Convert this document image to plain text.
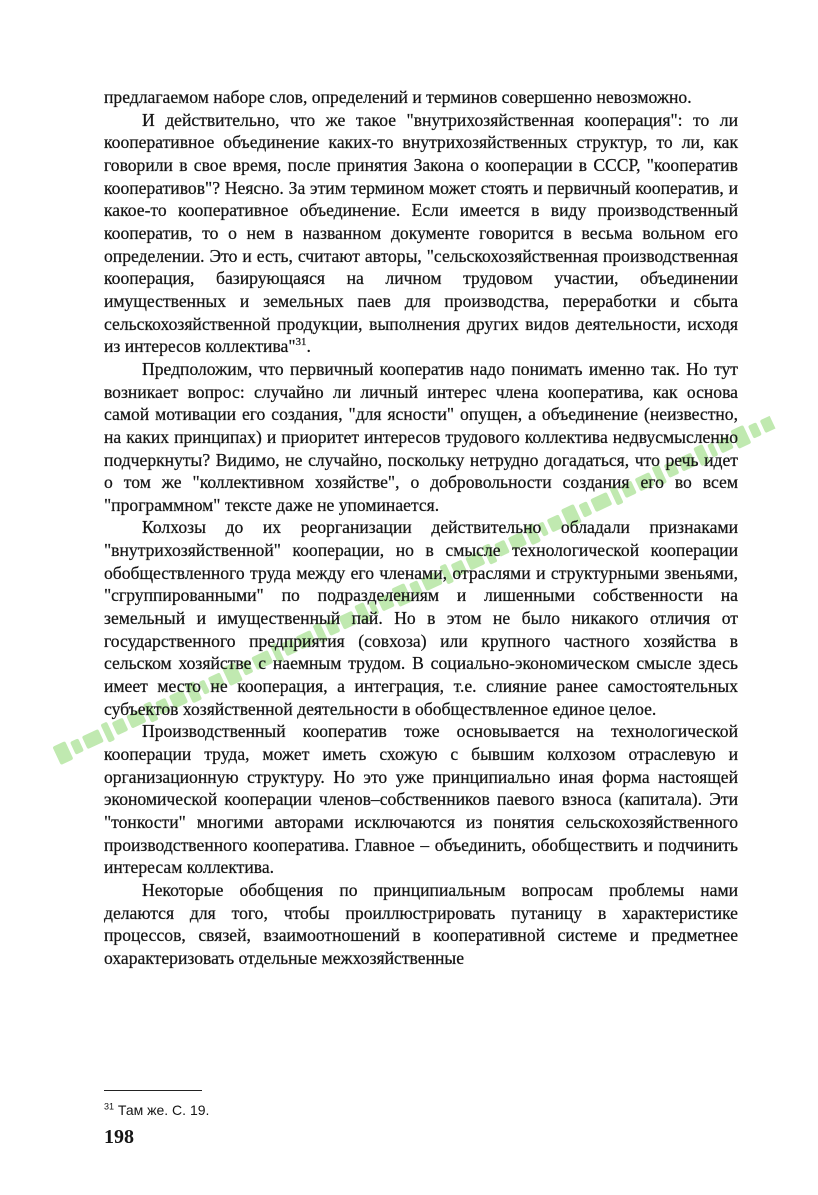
предлагаемом наборе слов, определений и терминов совершенно невозможно.

И действительно, что же такое "внутрихозяйственная кооперация": то ли кооперативное объединение каких-то внутрихозяйственных структур, то ли, как говорили в свое время, после принятия Закона о кооперации в СССР, "кооператив кооперативов"? Неясно. За этим термином может стоять и первичный кооператив, и какое-то кооперативное объединение. Если имеется в виду производственный кооператив, то о нем в названном документе говорится в весьма вольном его определении. Это и есть, считают авторы, "сельскохозяйственная производственная кооперация, базирующаяся на личном трудовом участии, объединении имущественных и земельных паев для производства, переработки и сбыта сельскохозяйственной продукции, выполнения других видов деятельности, исходя из интересов коллектива"$^{31}$.

Предположим, что первичный кооператив надо понимать именно так. Но тут возникает вопрос: случайно ли личный интерес члена кооператива, как основа самой мотивации его создания, "для ясности" опущен, а объединение (неизвестно, на каких принципах) и приоритет интересов трудового коллектива недвусмысленно подчеркнуты? Видимо, не случайно, поскольку нетрудно догадаться, что речь идет о том же "коллективном хозяйстве", о добровольности создания его во всем "программном" тексте даже не упоминается.

Колхозы до их реорганизации действительно обладали признаками "внутрихозяйственной" кооперации, но в смысле технологической кооперации обобществленного труда между его членами, отраслями и структурными звеньями, "сгруппированными" по подразделениям и лишенными собственности на земельный и имущественный пай. Но в этом не было никакого отличия от государственного предприятия (совхоза) или крупного частного хозяйства в сельском хозяйстве с наемным трудом. В социально-экономическом смысле здесь имеет место не кооперация, а интеграция, т.е. слияние ранее самостоятельных субъектов хозяйственной деятельности в обобществленное единое целое.

Производственный кооператив тоже основывается на технологической кооперации труда, может иметь схожую с бывшим колхозом отраслевую и организационную структуру. Но это уже принципиально иная форма настоящей экономической кооперации членов–собственников паевого взноса (капитала). Эти "тонкости" многими авторами исключаются из понятия сельскохозяйственного производственного кооператива. Главное – объединить, обобществить и подчинить интересам коллектива.

Некоторые обобщения по принципиальным вопросам проблемы нами делаются для того, чтобы проиллюстрировать путаницу в характеристике процессов, связей, взаимоотношений в кооперативной системе и предметнее охарактеризовать отдельные межхозяйственные

$^{31}$ Там же. С. 19.
198
